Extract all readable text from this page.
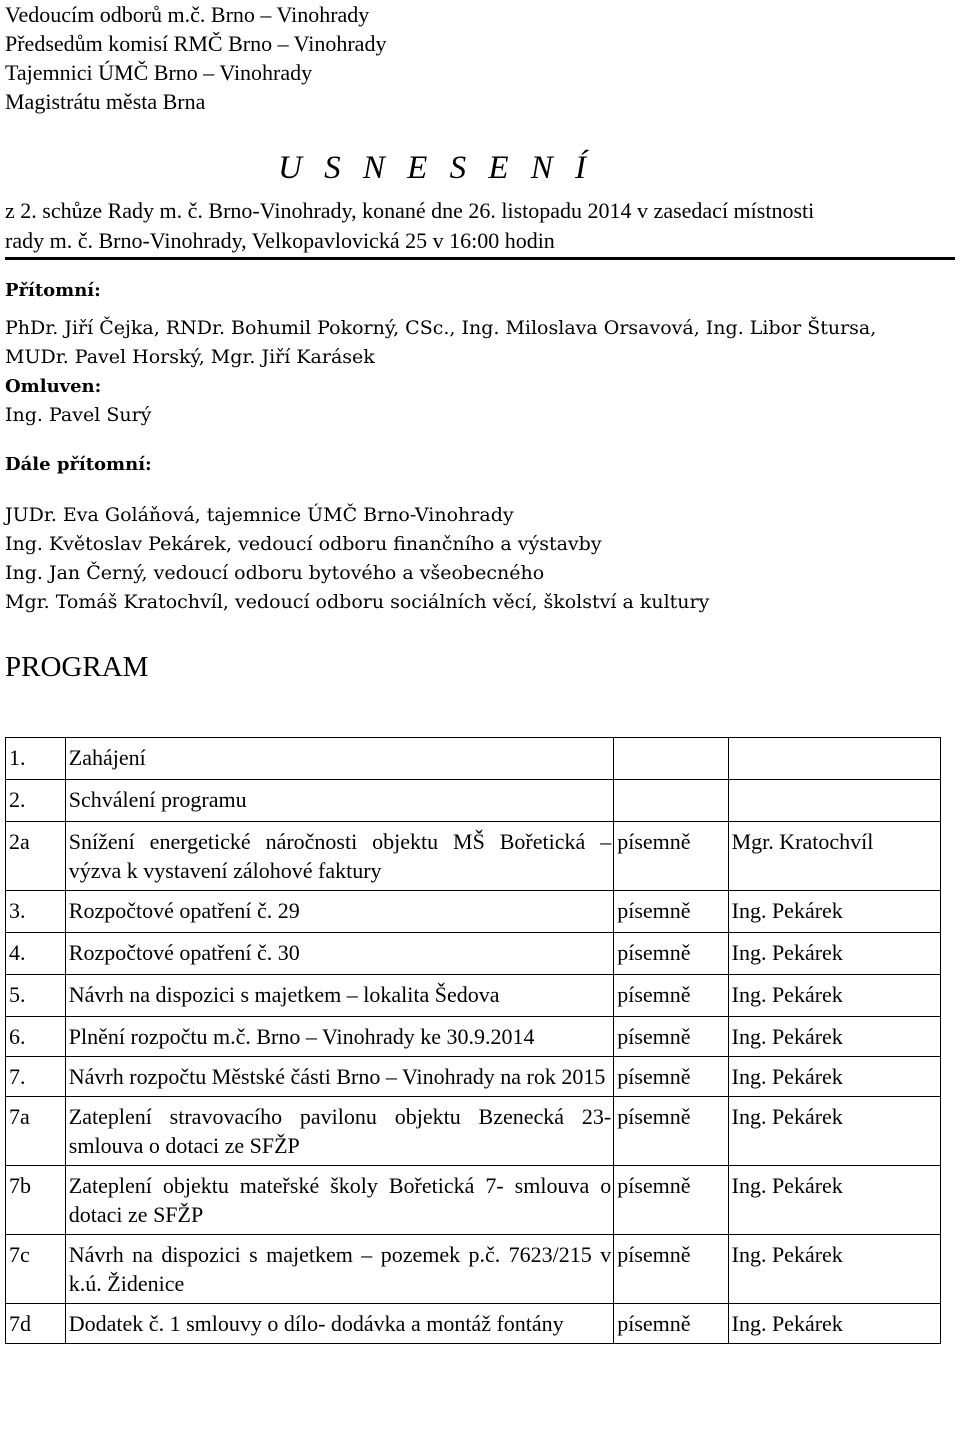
Vedoucím odborů m.č. Brno – Vinohrady
Předsedům komisí RMČ Brno – Vinohrady
Tajemnici ÚMČ Brno – Vinohrady
Magistrátu města Brna
U S N E S E N Í
z 2. schůze Rady m. č. Brno-Vinohrady, konané dne 26. listopadu 2014 v zasedací místnosti
rady m. č. Brno-Vinohrady, Velkopavlovická 25 v 16:00 hodin
Přítomní:
PhDr. Jiří Čejka, RNDr. Bohumil Pokorný, CSc., Ing. Miloslava Orsavová, Ing. Libor Štursa,
MUDr. Pavel Horský, Mgr. Jiří Karásek
Omluven:
Ing. Pavel Surý
Dále přítomní:
JUDr. Eva Goláňová, tajemnice ÚMČ Brno-Vinohrady
Ing. Květoslav Pekárek, vedoucí odboru finančního a výstavby
Ing. Jan Černý, vedoucí odboru bytového a všeobecného
Mgr. Tomáš Kratochvíl, vedoucí odboru sociálních věcí, školství a kultury
PROGRAM
1.	Zahájení		
2.	Schválení programu		
2a	Snížení energetické náročnosti objektu MŠ Bořetická – výzva k vystavení zálohové faktury	písemně	Mgr. Kratochvíl
3.	Rozpočtové opatření č. 29	písemně	Ing. Pekárek
4.	Rozpočtové opatření č. 30	písemně	Ing. Pekárek
5.	Návrh na dispozici s majetkem – lokalita Šedova	písemně	Ing. Pekárek
6.	Plnění rozpočtu m.č. Brno – Vinohrady ke 30.9.2014	písemně	Ing. Pekárek
7.	Návrh rozpočtu Městské části Brno – Vinohrady na rok 2015	písemně	Ing. Pekárek
7a	Zateplení stravovacího pavilonu objektu Bzenecká 23- smlouva o dotaci ze SFŽP	písemně	Ing. Pekárek
7b	Zateplení objektu mateřské školy Bořetická 7- smlouva o dotaci ze SFŽP	písemně	Ing. Pekárek
7c	Návrh na dispozici s majetkem – pozemek p.č. 7623/215 v k.ú. Židenice	písemně	Ing. Pekárek
7d	Dodatek č. 1 smlouvy o dílo- dodávka a montáž fontány	písemně	Ing. Pekárek
